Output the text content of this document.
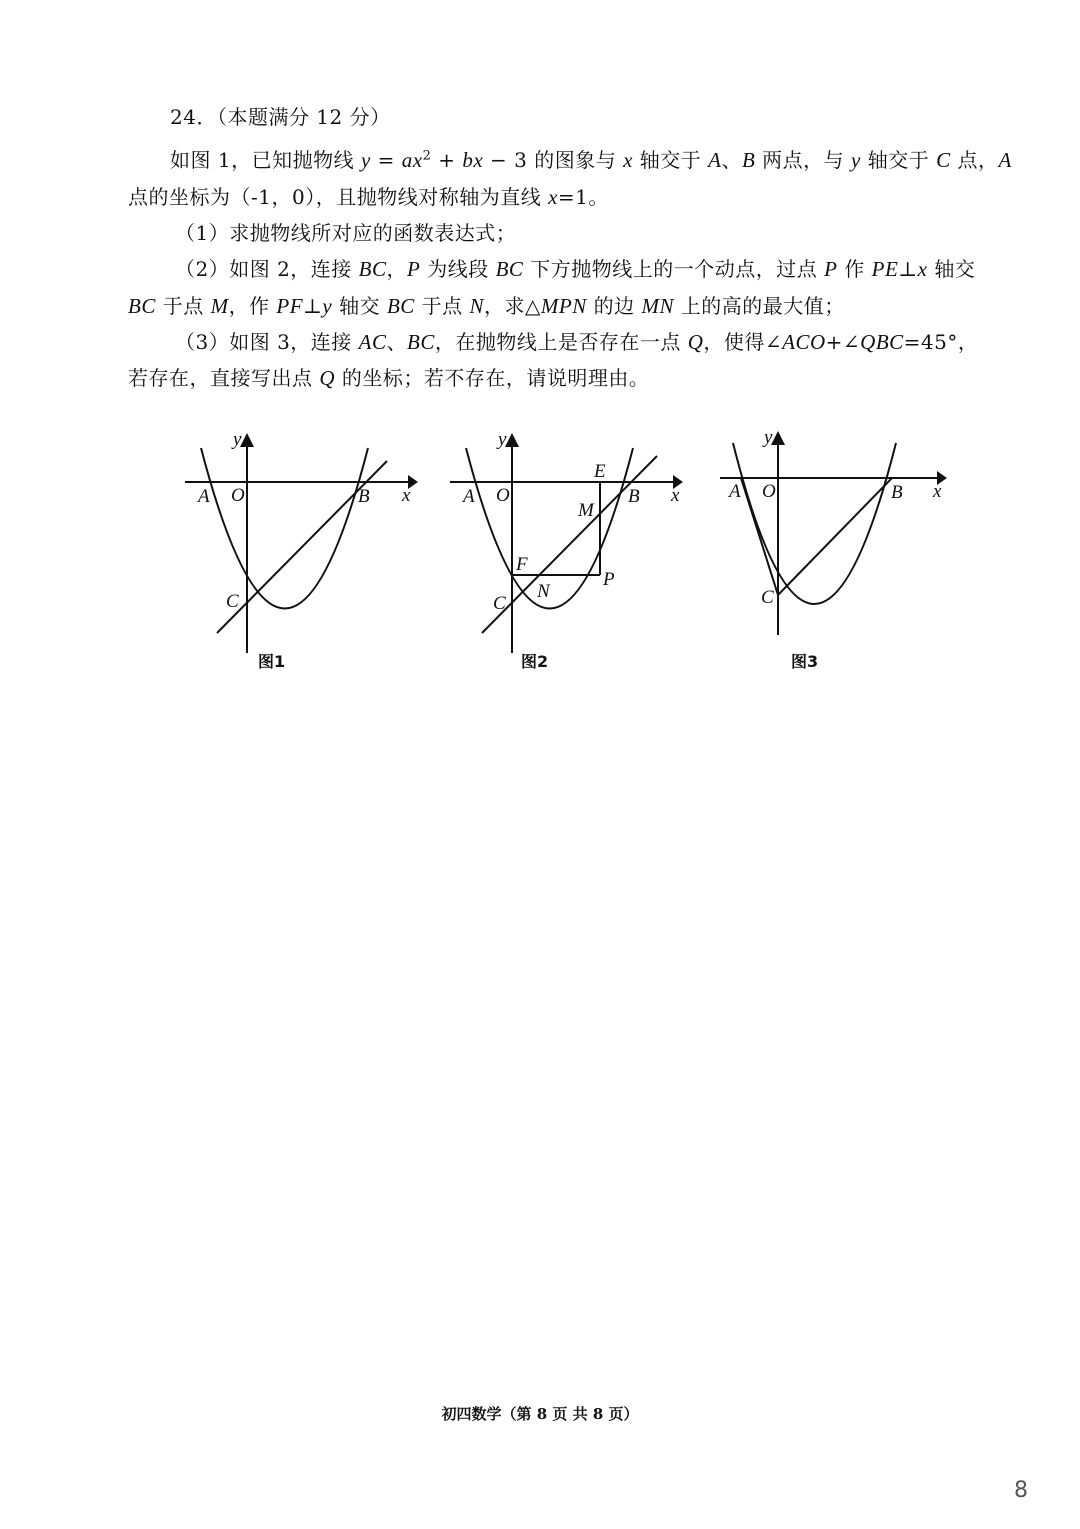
24．（本题满分 12 分）
如图 1，已知抛物线 $y = ax^2$ + bx − 3 的图象与 x 轴交于 A、B 两点，与 y 轴交于 C 点，A
点的坐标为（-1，0），且抛物线对称轴为直线 x=1。
（1）求抛物线所对应的函数表达式；
（2）如图 2，连接 BC，P 为线段 BC 下方抛物线上的一个动点，过点 P 作 PE⊥x 轴交
BC 于点 M，作 PF⊥y 轴交 BC 于点 N，求△MPN 的边 MN 上的高的最大值；
（3）如图 3，连接 AC、BC，在抛物线上是否存在一点 Q，使得∠ACO+∠QBC=45°，
若存在，直接写出点 Q 的坐标；若不存在，请说明理由。
y
A O	B x
C
图1
y
A O
E
B x
M
F
N
P
C
图2
y
A O	B x
C
图3
初四数学（第 8 页 共 8 页）
8
